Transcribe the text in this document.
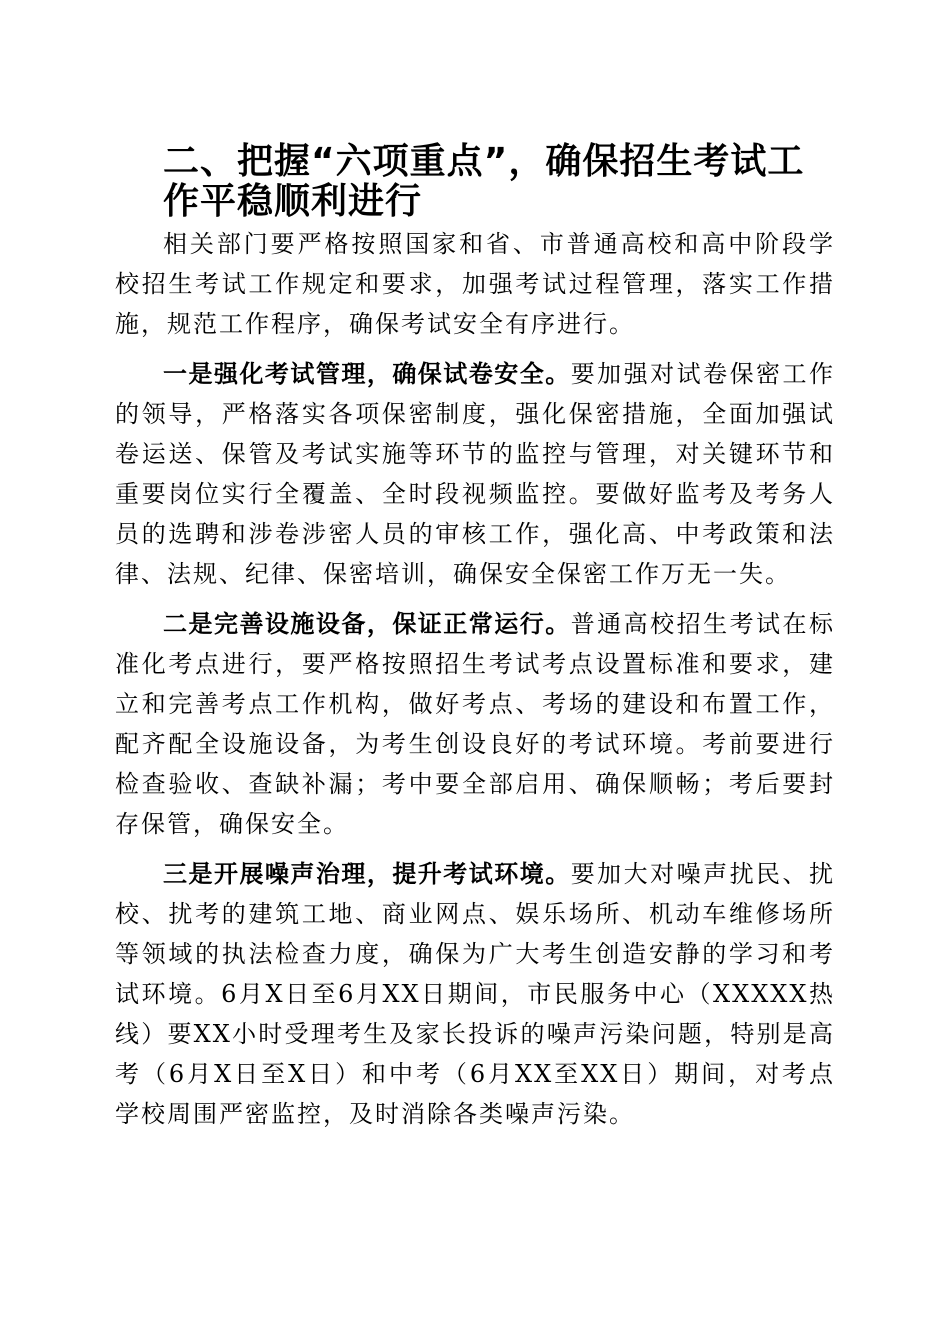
二、把握“六项重点”，确保招生考试工作平稳顺利进行

相关部门要严格按照国家和省、市普通高校和高中阶段学校招生考试工作规定和要求，加强考试过程管理，落实工作措施，规范工作程序，确保考试安全有序进行。

一是强化考试管理，确保试卷安全。要加强对试卷保密工作的领导，严格落实各项保密制度，强化保密措施，全面加强试卷运送、保管及考试实施等环节的监控与管理，对关键环节和重要岗位实行全覆盖、全时段视频监控。要做好监考及考务人员的选聘和涉卷涉密人员的审核工作，强化高、中考政策和法律、法规、纪律、保密培训，确保安全保密工作万无一失。

二是完善设施设备，保证正常运行。普通高校招生考试在标准化考点进行，要严格按照招生考试考点设置标准和要求，建立和完善考点工作机构，做好考点、考场的建设和布置工作，配齐配全设施设备，为考生创设良好的考试环境。考前要进行检查验收、查缺补漏；考中要全部启用、确保顺畅；考后要封存保管，确保安全。

三是开展噪声治理，提升考试环境。要加大对噪声扰民、扰校、扰考的建筑工地、商业网点、娱乐场所、机动车维修场所等领域的执法检查力度，确保为广大考生创造安静的学习和考试环境。6月X日至6月XX日期间，市民服务中心（XXXXX热线）要XX小时受理考生及家长投诉的噪声污染问题，特别是高考（6月X日至X日）和中考（6月XX至XX日）期间，对考点学校周围严密监控，及时消除各类噪声污染。
